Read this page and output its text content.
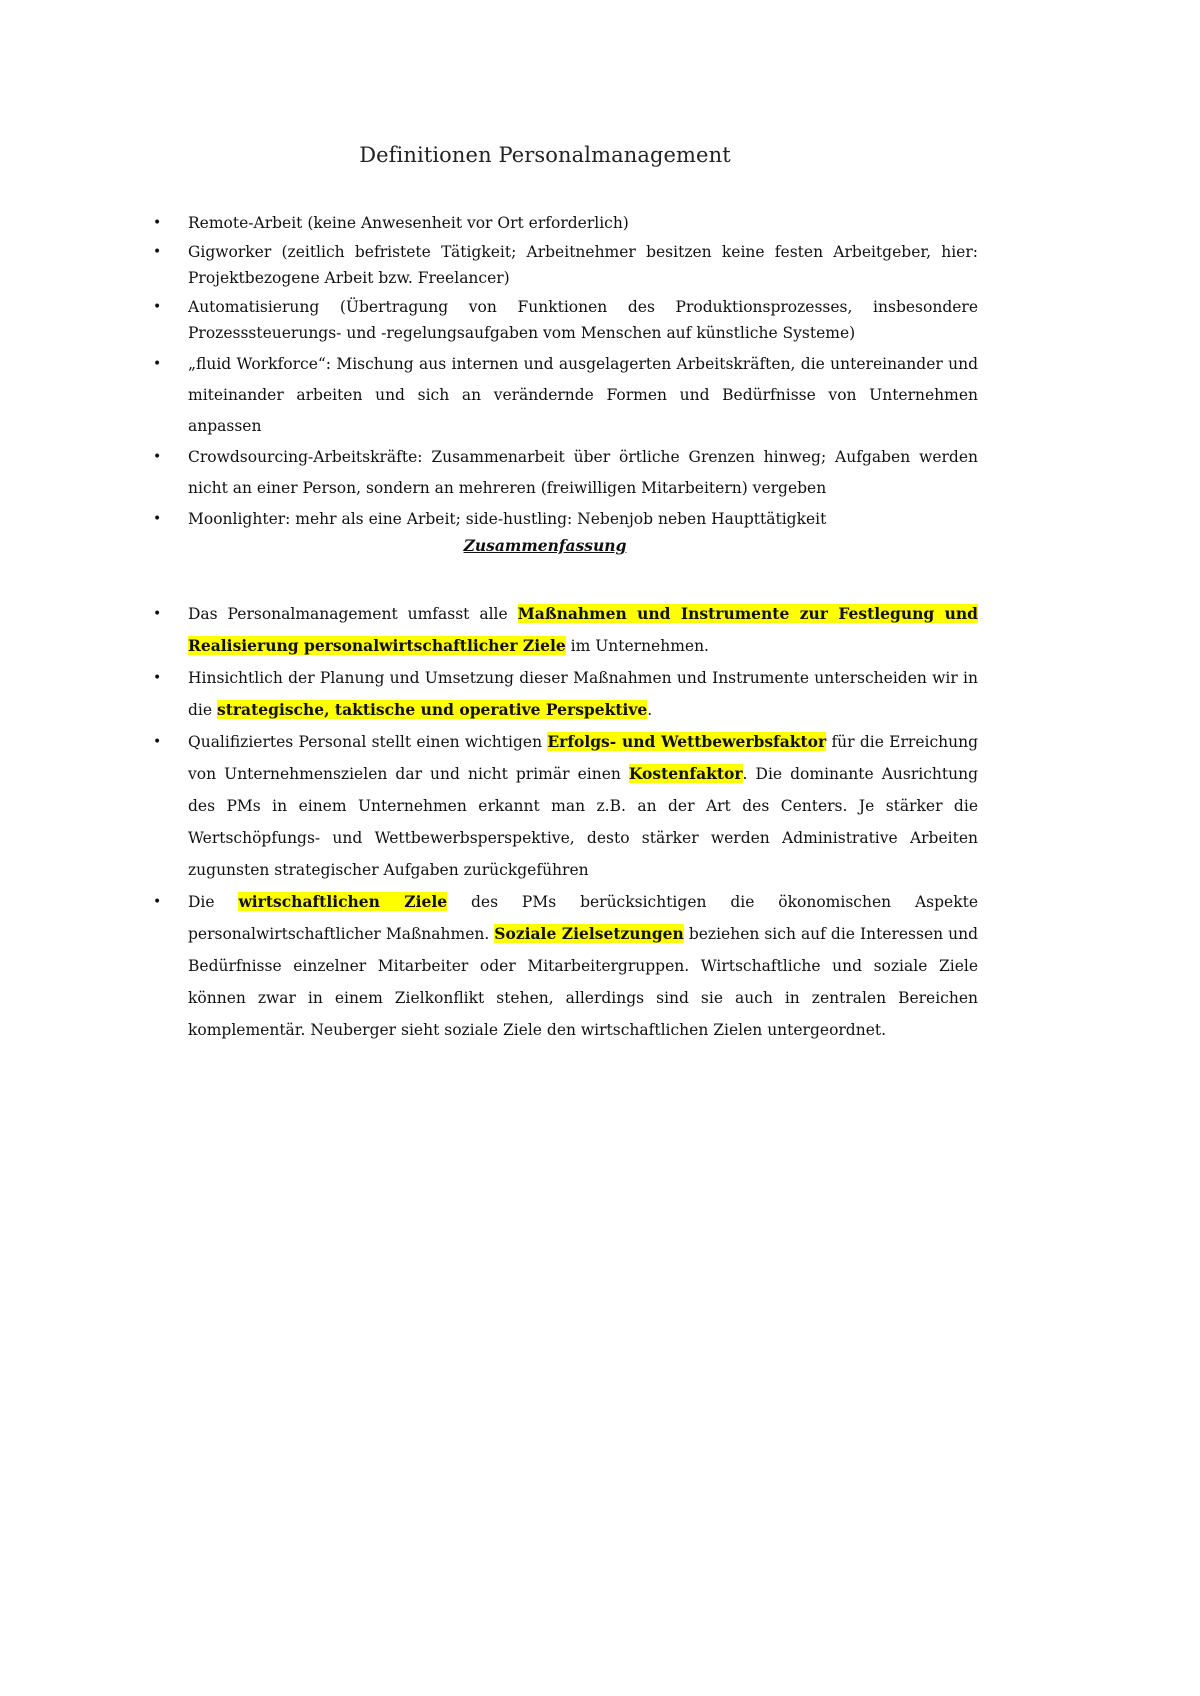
Definitionen Personalmanagement
• Remote-Arbeit (keine Anwesenheit vor Ort erforderlich)
• Gigworker (zeitlich befristete Tätigkeit; Arbeitnehmer besitzen keine festen Arbeitgeber, hier: Projektbezogene Arbeit bzw. Freelancer)
• Automatisierung (Übertragung von Funktionen des Produktionsprozesses, insbesondere Prozesssteuerungs- und -regelungsaufgaben vom Menschen auf künstliche Systeme)
• „fluid Workforce“: Mischung aus internen und ausgelagerten Arbeitskräften, die untereinander und miteinander arbeiten und sich an verändernde Formen und Bedürfnisse von Unternehmen anpassen
• Crowdsourcing-Arbeitskräfte: Zusammenarbeit über örtliche Grenzen hinweg; Aufgaben werden nicht an einer Person, sondern an mehreren (freiwilligen Mitarbeitern) vergeben
• Moonlighter: mehr als eine Arbeit; side-hustling: Nebenjob neben Haupttätigkeit
Zusammenfassung
• Das Personalmanagement umfasst alle Maßnahmen und Instrumente zur Festlegung und Realisierung personalwirtschaftlicher Ziele im Unternehmen.
• Hinsichtlich der Planung und Umsetzung dieser Maßnahmen und Instrumente unterscheiden wir in die strategische, taktische und operative Perspektive.
• Qualifiziertes Personal stellt einen wichtigen Erfolgs- und Wettbewerbsfaktor für die Erreichung von Unternehmenszielen dar und nicht primär einen Kostenfaktor. Die dominante Ausrichtung des PMs in einem Unternehmen erkannt man z.B. an der Art des Centers. Je stärker die Wertschöpfungs- und Wettbewerbsperspektive, desto stärker werden Administrative Arbeiten zugunsten strategischer Aufgaben zurückgeführen
• Die wirtschaftlichen Ziele des PMs berücksichtigen die ökonomischen Aspekte personalwirtschaftlicher Maßnahmen. Soziale Zielsetzungen beziehen sich auf die Interessen und Bedürfnisse einzelner Mitarbeiter oder Mitarbeitergruppen. Wirtschaftliche und soziale Ziele können zwar in einem Zielkonflikt stehen, allerdings sind sie auch in zentralen Bereichen komplementär. Neuberger sieht soziale Ziele den wirtschaftlichen Zielen untergeordnet.
